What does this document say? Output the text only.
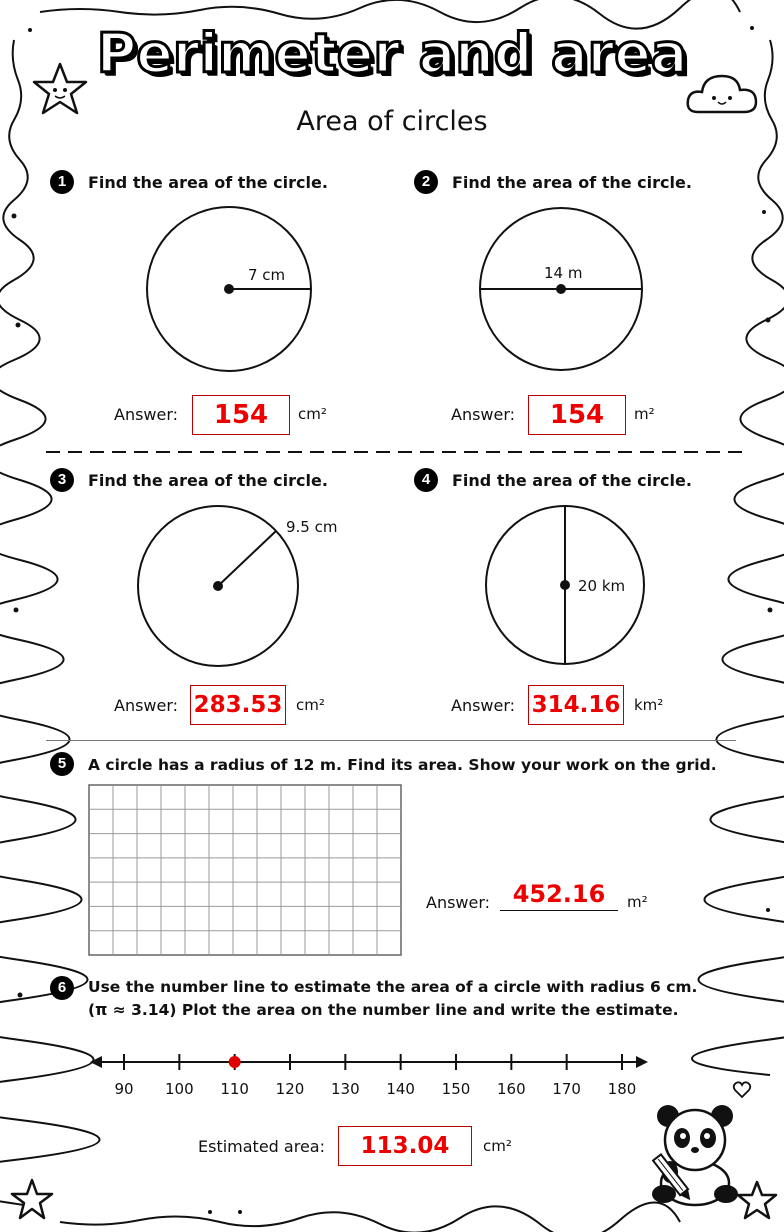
Perimeter and area
Area of circles
1	Find the area of the circle.
7 cm
Answer:	154	cm²
2	Find the area of the circle.
14 m
Answer:	154	m²
3	Find the area of the circle.
9.5 cm
Answer: 283.53 cm²
4	Find the area of the circle.
20 km
Answer: 314.16 km²
5	A circle has a radius of 12 m. Find its area. Show your work on the grid.
Answer: 452.16	m²
6	Use the number line to estimate the area of a circle with radius 6 cm.
(π ≈ 3.14) Plot the area on the number line and write the estimate.
90	100	110	120	130	140	150	160	170	180
Estimated area:	113.04	cm²
